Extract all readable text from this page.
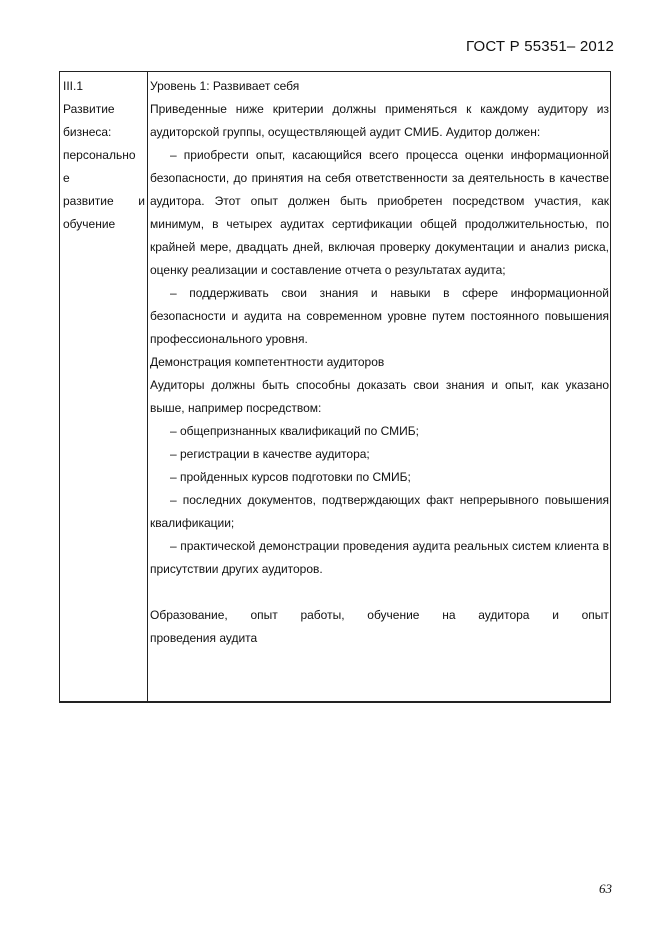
ГОСТ Р 55351– 2012
III.1
Развитие
бизнеса:
персонально
е
развитие и
обучение

Уровень 1: Развивает себя

Приведенные ниже критерии должны применяться к каждому аудитору из аудиторской группы, осуществляющей аудит СМИБ. Аудитор должен:

– приобрести опыт, касающийся всего процесса оценки информационной безопасности, до принятия на себя ответственности за деятельность в качестве аудитора. Этот опыт должен быть приобретен посредством участия, как минимум, в четырех аудитах сертификации общей продолжительностью, по крайней мере, двадцать дней, включая проверку документации и анализ риска, оценку реализации и составление отчета о результатах аудита;

– поддерживать свои знания и навыки в сфере информационной безопасности и аудита на современном уровне путем постоянного повышения профессионального уровня.

Демонстрация компетентности аудиторов

Аудиторы должны быть способны доказать свои знания и опыт, как указано выше, например посредством:

– общепризнанных квалификаций по СМИБ;

– регистрации в качестве аудитора;

– пройденных курсов подготовки по СМИБ;

– последних документов, подтверждающих факт непрерывного повышения квалификации;

– практической демонстрации проведения аудита реальных систем клиента в присутствии других аудиторов.

Образование, опыт работы, обучение на аудитора и опыт

проведения аудита

63
